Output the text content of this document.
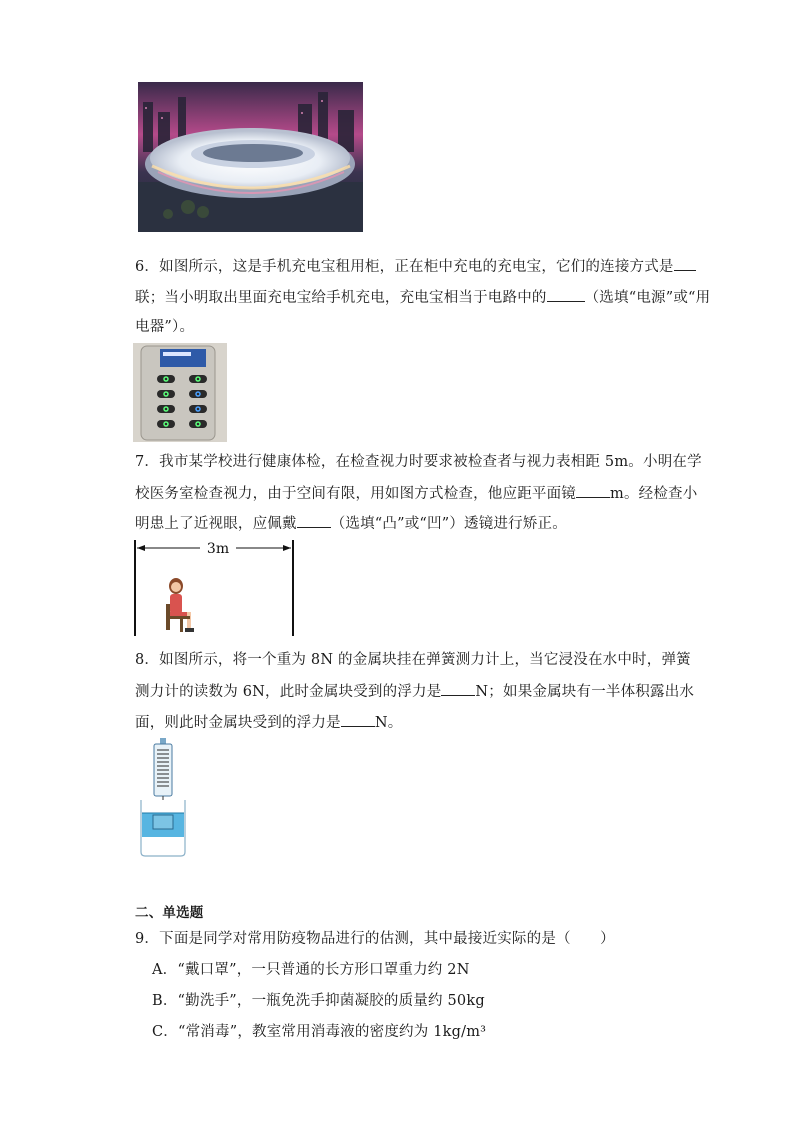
6．如图所示，这是手机充电宝租用柜，正在柜中充电的充电宝，它们的连接方式是
联；当小明取出里面充电宝给手机充电，充电宝相当于电路中的	（选填“电源”或“用
电器”）。
7．我市某学校进行健康体检，在检查视力时要求被检查者与视力表相距 5m。小明在学
校医务室检查视力，由于空间有限，用如图方式检查，他应距平面镜 m。经检查小
明患上了近视眼，应佩戴 （选填“凸”或“凹”）透镜进行矫正。
3m
8．如图所示，将一个重为 8N 的金属块挂在弹簧测力计上，当它浸没在水中时，弹簧
测力计的读数为 6N，此时金属块受到的浮力是 N；如果金属块有一半体积露出水
面，则此时金属块受到的浮力是 N。
二、单选题
9．下面是同学对常用防疫物品进行的估测，其中最接近实际的是（　　）
A．“戴口罩”，一只普通的长方形口罩重力约 2N
B．“勤洗手”，一瓶免洗手抑菌凝胶的质量约 50kg
C．“常消毒”，教室常用消毒液的密度约为 1kg/m³
